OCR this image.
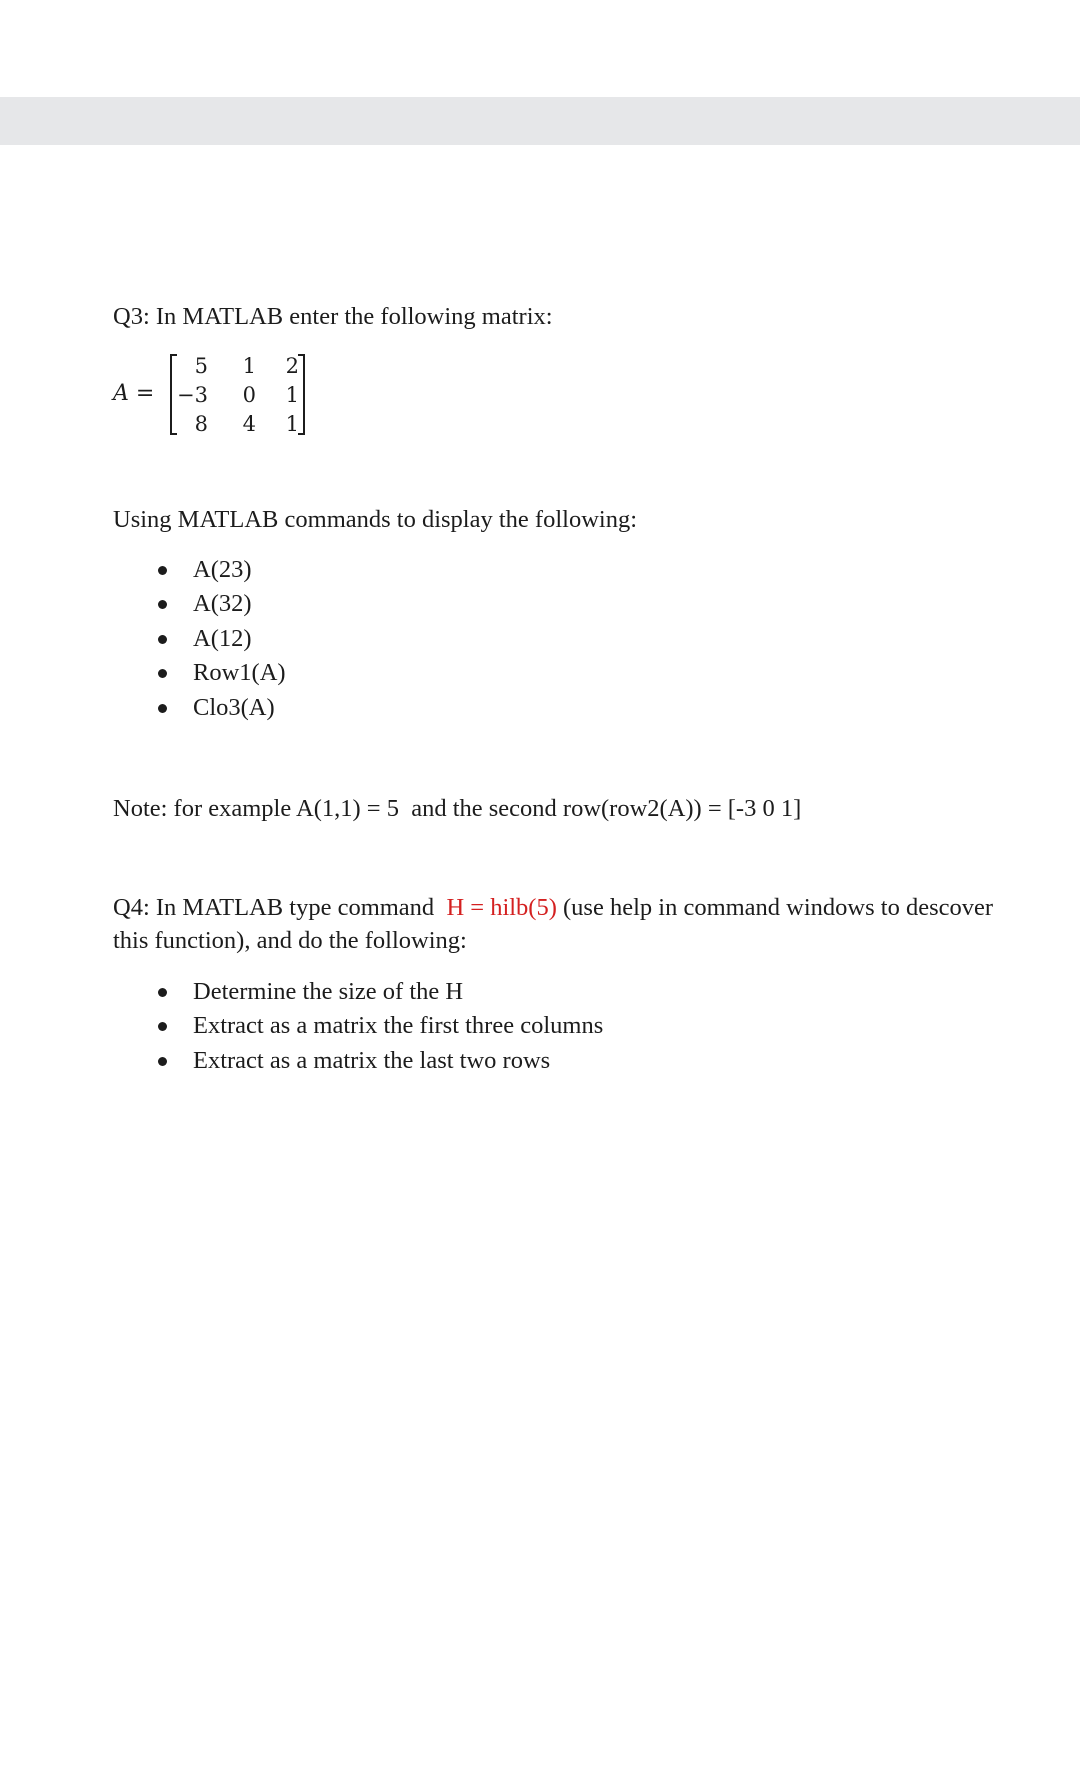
Q3: In MATLAB enter the following matrix:
A =
5	1	2
−3	0	1
8	4	1
Using MATLAB commands to display the following:
A(23)
A(32)
A(12)
Row1(A)
Clo3(A)
Note: for example A(1,1) = 5  and the second row(row2(A)) = [-3 0 1]
Q4: In MATLAB type command  H = hilb(5) (use help in command windows to descover
this function), and do the following:
Determine the size of the H
Extract as a matrix the first three columns
Extract as a matrix the last two rows
